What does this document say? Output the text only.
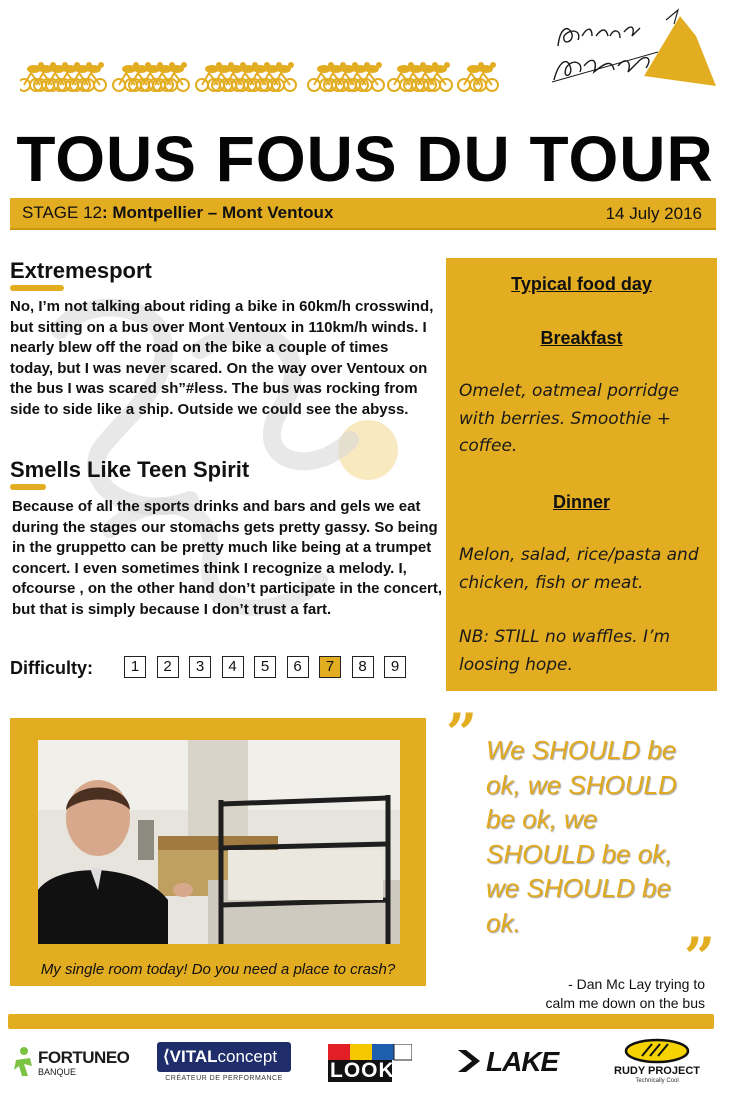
TOUS FOUS DU TOUR
STAGE 12: Montpellier – Mont Ventoux	14 July 2016
Extremesport
No, I’m not talking about riding a bike in 60km/h crosswind, but sitting on a bus over Mont Ventoux in 110km/h winds. I nearly blew off the road on the bike a couple of times today, but I was never scared. On the way over Ventoux on the bus I was scared sh”#less. The bus was rocking from side to side like a ship. Outside we could see the abyss.
Smells Like Teen Spirit
Because of all the sports drinks and bars and gels we eat during the stages our stomachs gets pretty gassy. So being in the gruppetto can be pretty much like being at a trumpet concert. I even sometimes think I recognize a melody. I, ofcourse , on the other hand don’t participate in the concert, but that is simply because I don’t trust a fart.
Difficulty:	1	2	3	4	5	6	7	8	9
Typical food day
Breakfast
Omelet, oatmeal porridge with berries. Smoothie + coffee.
Dinner
Melon, salad, rice/pasta and chicken, fish or meat.
NB: STILL no waffles. I’m loosing hope.
My single room today! Do you need a place to crash?
” We SHOULD be ok, we SHOULD be ok, we SHOULD be ok, we SHOULD be ok.
”
- Dan Mc Lay trying to
calm me down on the bus
FORTUNEO
BANQUE
⟨VITALconcept
CRÉATEUR DE PERFORMANCE	LOOK	LAKE	RUDY PROJECT
Technically Cool
